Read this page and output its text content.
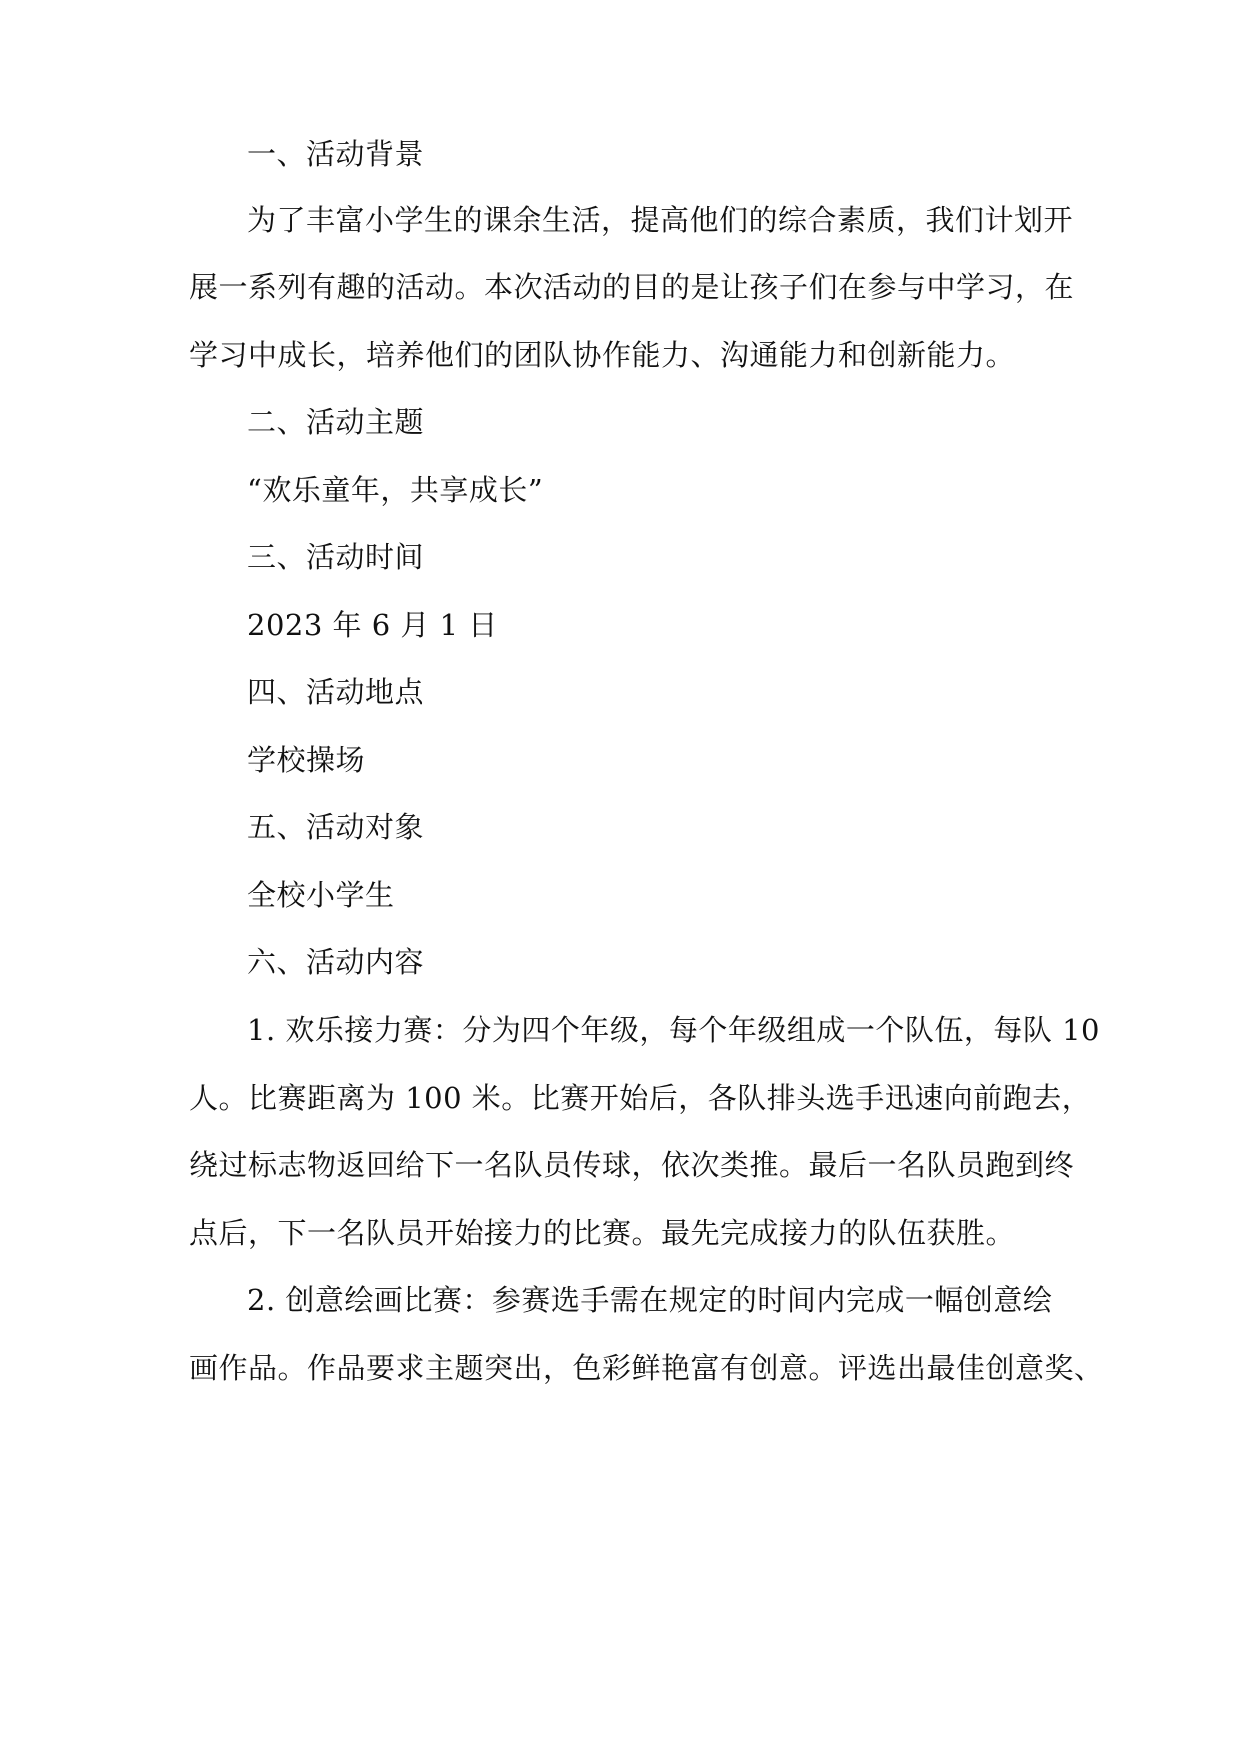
一、活动背景
为了丰富小学生的课余生活，提高他们的综合素质，我们计划开
展一系列有趣的活动。本次活动的目的是让孩子们在参与中学习，在
学习中成长，培养他们的团队协作能力、沟通能力和创新能力。
二、活动主题
“欢乐童年，共享成长”
三、活动时间
2023 年 6 月 1 日
四、活动地点
学校操场
五、活动对象
全校小学生
六、活动内容
1. 欢乐接力赛：分为四个年级，每个年级组成一个队伍，每队 10
人。比赛距离为 100 米。比赛开始后，各队排头选手迅速向前跑去，
绕过标志物返回给下一名队员传球，依次类推。最后一名队员跑到终
点后，下一名队员开始接力的比赛。最先完成接力的队伍获胜。
2. 创意绘画比赛：参赛选手需在规定的时间内完成一幅创意绘
画作品。作品要求主题突出，色彩鲜艳富有创意。评选出最佳创意奖、
